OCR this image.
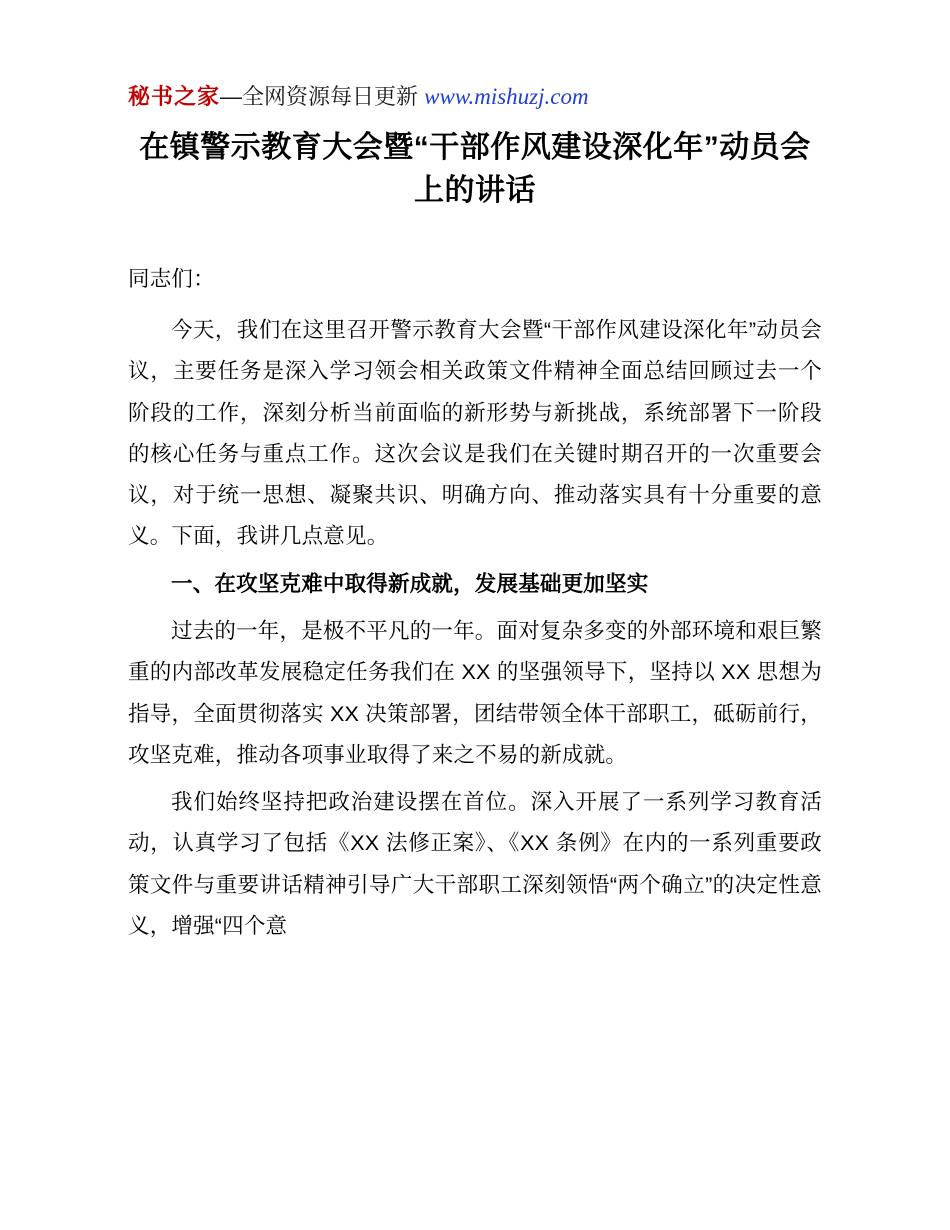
秘书之家—全网资源每日更新 www.mishuzj.com
在镇警示教育大会暨“干部作风建设深化年”动员会上的讲话

同志们：

今天，我们在这里召开警示教育大会暨“干部作风建设深化年”动员会议，主要任务是深入学习领会相关政策文件精神全面总结回顾过去一个阶段的工作，深刻分析当前面临的新形势与新挑战，系统部署下一阶段的核心任务与重点工作。这次会议是我们在关键时期召开的一次重要会议，对于统一思想、凝聚共识、明确方向、推动落实具有十分重要的意义。下面，我讲几点意见。

一、在攻坚克难中取得新成就，发展基础更加坚实

过去的一年，是极不平凡的一年。面对复杂多变的外部环境和艰巨繁重的内部改革发展稳定任务我们在 XX 的坚强领导下，坚持以 XX 思想为指导，全面贯彻落实 XX 决策部署，团结带领全体干部职工，砥砺前行，攻坚克难，推动各项事业取得了来之不易的新成就。

我们始终坚持把政治建设摆在首位。深入开展了一系列学习教育活动，认真学习了包括《XX 法修正案》、《XX 条例》在内的一系列重要政策文件与重要讲话精神引导广大干部职工深刻领悟“两个确立”的决定性意义，增强“四个意
